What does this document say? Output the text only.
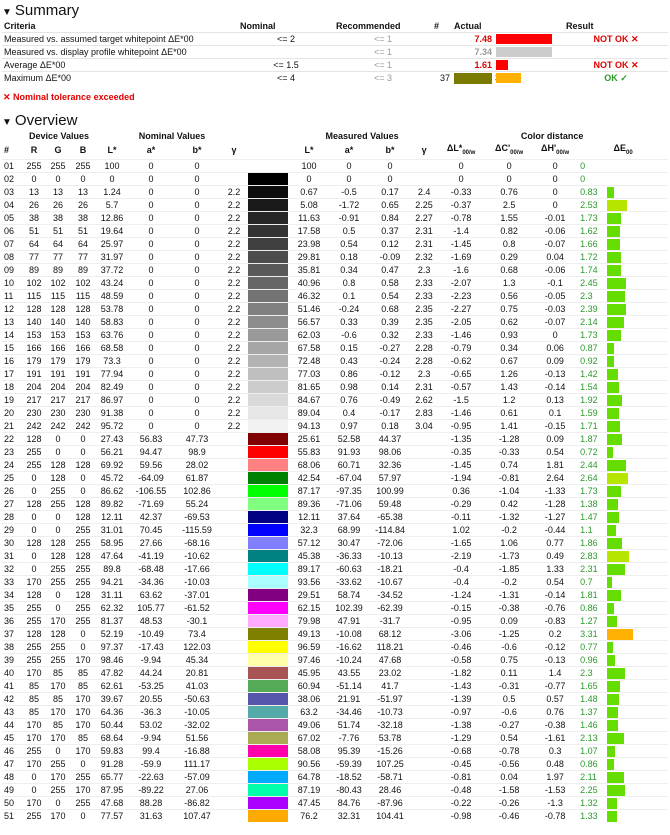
▼ Summary
Criteria	Nominal	Recommended	#	Actual		Result
Measured vs. assumed target whitepoint ΔE*00	<= 2	<= 1		7.48		NOT OK ✕
Measured vs. display profile whitepoint ΔE*00		<= 1		7.34	

Average ΔE*00	<= 1.5	<= 1		1.61		NOT OK ✕
Maximum ΔE*00	<= 4	<= 3	37			OK ✓
✕ Nominal tolerance exceeded
▼ Overview
	Device Values			Nominal Values					Measured Values				Color distance			
#	R	G	B	L*	a*	b*	γ		L*	a*	b*	γ	$\Delta L*_{00/w}$	$\Delta C'_{00/w}$	$\Delta H'_{00/w}$	$\Delta E_{00}$
01	255	255	255	100	0	0			100	0	0		0	0	0	0

02	0	0	0	0	0	0			0	0	0		0	0	0	0

03	13	13	13	1.24	0	0	2.2		0.67	-0.5	0.17	2.4	-0.33	0.76	0	0.83

04	26	26	26	5.7	0	0	2.2		5.08	-1.72	0.65	2.25	-0.37	2.5	0	2.53

05	38	38	38	12.86	0	0	2.2		11.63	-0.91	0.84	2.27	-0.78	1.55	-0.01	1.73

06	51	51	51	19.64	0	0	2.2		17.58	0.5	0.37	2.31	-1.4	0.82	-0.06	1.62

07	64	64	64	25.97	0	0	2.2		23.98	0.54	0.12	2.31	-1.45	0.8	-0.07	1.66

08	77	77	77	31.97	0	0	2.2		29.81	0.18	-0.09	2.32	-1.69	0.29	0.04	1.72

09	89	89	89	37.72	0	0	2.2		35.81	0.34	0.47	2.3	-1.6	0.68	-0.06	1.74

10	102	102	102	43.24	0	0	2.2		40.96	0.8	0.58	2.33	-2.07	1.3	-0.1	2.45

11	115	115	115	48.59	0	0	2.2		46.32	0.1	0.54	2.33	-2.23	0.56	-0.05	2.3

12	128	128	128	53.78	0	0	2.2		51.46	-0.24	0.68	2.35	-2.27	0.75	-0.03	2.39

13	140	140	140	58.83	0	0	2.2		56.57	0.33	0.39	2.35	-2.05	0.62	-0.07	2.14

14	153	153	153	63.76	0	0	2.2		62.03	-0.6	0.32	2.33	-1.46	0.93	0	1.73

15	166	166	166	68.58	0	0	2.2		67.58	0.15	-0.27	2.28	-0.79	0.34	0.06	0.87

16	179	179	179	73.3	0	0	2.2		72.48	0.43	-0.24	2.28	-0.62	0.67	0.09	0.92

17	191	191	191	77.94	0	0	2.2		77.03	0.86	-0.12	2.3	-0.65	1.26	-0.13	1.42

18	204	204	204	82.49	0	0	2.2		81.65	0.98	0.14	2.31	-0.57	1.43	-0.14	1.54

19	217	217	217	86.97	0	0	2.2		84.67	0.76	-0.49	2.62	-1.5	1.2	0.13	1.92

20	230	230	230	91.38	0	0	2.2		89.04	0.4	-0.17	2.83	-1.46	0.61	0.1	1.59

21	242	242	242	95.72	0	0	2.2		94.13	0.97	0.18	3.04	-0.95	1.41	-0.15	1.71

22	128	0	0	27.43	56.83	47.73			25.61	52.58	44.37		-1.35	-1.28	0.09	1.87

23	255	0	0	56.21	94.47	98.9			55.83	91.93	98.06		-0.35	-0.33	0.54	0.72

24	255	128	128	69.92	59.56	28.02			68.06	60.71	32.36		-1.45	0.74	1.81	2.44

25	0	128	0	45.72	-64.09	61.87			42.54	-67.04	57.97		-1.94	-0.81	2.64	2.64

26	0	255	0	86.62	-106.55	102.86			87.17	-97.35	100.99		0.36	-1.04	-1.33	1.73

27	128	255	128	89.82	-71.69	55.24			89.36	-71.06	59.48		-0.29	0.42	-1.28	1.38

28	0	0	128	12.11	42.37	-69.53			12.11	37.64	-65.38		-0.11	-1.32	-1.27	1.47

29	0	0	255	31.01	70.45	-115.59			32.3	68.99	-114.84		1.02	-0.2	-0.44	1.1

30	128	128	255	58.95	27.66	-68.16			57.12	30.47	-72.06		-1.65	1.06	0.77	1.86

31	0	128	128	47.64	-41.19	-10.62			45.38	-36.33	-10.13		-2.19	-1.73	0.49	2.83

32	0	255	255	89.8	-68.48	-17.66			89.17	-60.63	-18.21		-0.4	-1.85	1.33	2.31

33	170	255	255	94.21	-34.36	-10.03			93.56	-33.62	-10.67		-0.4	-0.2	0.54	0.7

34	128	0	128	31.11	63.62	-37.01			29.51	58.74	-34.52		-1.24	-1.31	-0.14	1.81

35	255	0	255	62.32	105.77	-61.52			62.15	102.39	-62.39		-0.15	-0.38	-0.76	0.86

36	255	170	255	81.37	48.53	-30.1			79.98	47.91	-31.7		-0.95	0.09	-0.83	1.27

37	128	128	0	52.19	-10.49	73.4			49.13	-10.08	68.12		-3.06	-1.25	0.2	3.31

38	255	255	0	97.37	-17.43	122.03			96.59	-16.62	118.21		-0.46	-0.6	-0.12	0.77

39	255	255	170	98.46	-9.94	45.34			97.46	-10.24	47.68		-0.58	0.75	-0.13	0.96

40	170	85	85	47.82	44.24	20.81			45.95	43.55	23.02		-1.82	0.11	1.4	2.3

41	85	170	85	62.61	-53.25	41.03			60.94	-51.14	41.7		-1.43	-0.31	-0.77	1.65

42	85	85	170	39.67	20.55	-50.63			38.06	21.91	-51.97		-1.39	0.5	0.57	1.48

43	85	170	170	64.36	-36.3	-10.05			63.2	-34.46	-10.73		-0.97	-0.6	0.76	1.37

44	170	85	170	50.44	53.02	-32.02			49.06	51.74	-32.18		-1.38	-0.27	-0.38	1.46

45	170	170	85	68.64	-9.94	51.56			67.02	-7.76	53.78		-1.29	0.54	-1.61	2.13

46	255	0	170	59.83	99.4	-16.88			58.08	95.39	-15.26		-0.68	-0.78	0.3	1.07

47	170	255	0	91.28	-59.9	111.17			90.56	-59.39	107.25		-0.45	-0.56	0.48	0.86

48	0	170	255	65.77	-22.63	-57.09			64.78	-18.52	-58.71		-0.81	0.04	1.97	2.11

49	0	255	170	87.95	-89.22	27.06			87.19	-80.43	28.46		-0.48	-1.58	-1.53	2.25

50	170	0	255	47.68	88.28	-86.82			47.45	84.76	-87.96		-0.22	-0.26	-1.3	1.32

51	255	170	0	77.57	31.63	107.47			76.2	32.31	104.41		-0.98	-0.46	-0.78	1.33
